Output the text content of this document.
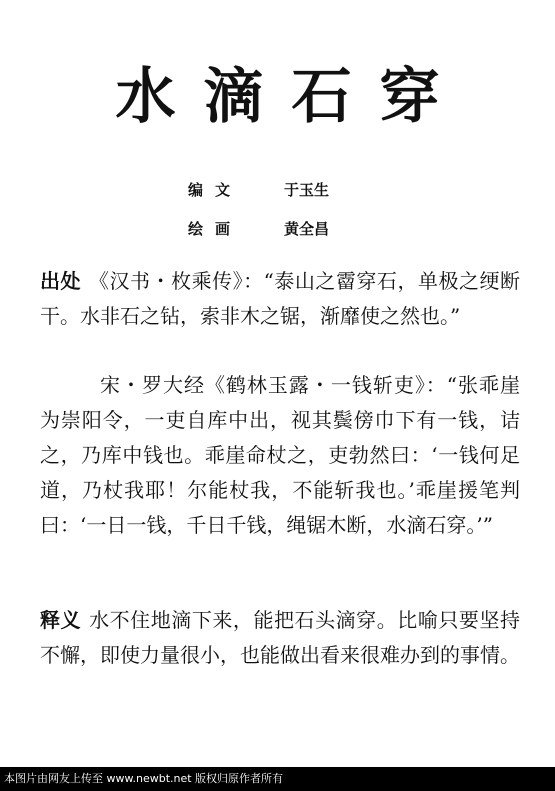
水滴石穿
编文	于玉生
绘画	黄全昌
出处 《汉书・枚乘传》：“泰山之霤穿石，单极之绠断干。水非石之钻，索非木之锯，渐靡使之然也。”
宋・罗大经《鹤林玉露・一钱斩吏》：“张乖崖为崇阳令，一吏自库中出，视其鬓傍巾下有一钱，诘之，乃库中钱也。乖崖命杖之，吏勃然曰：‘一钱何足道，乃杖我耶！尔能杖我，不能斩我也。’乖崖援笔判曰：‘一日一钱，千日千钱，绳锯木断，水滴石穿。’”
释义 水不住地滴下来，能把石头滴穿。比喻只要坚持不懈，即使力量很小，也能做出看来很难办到的事情。
本图片由网友上传至 www.newbt.net 版权归原作者所有
